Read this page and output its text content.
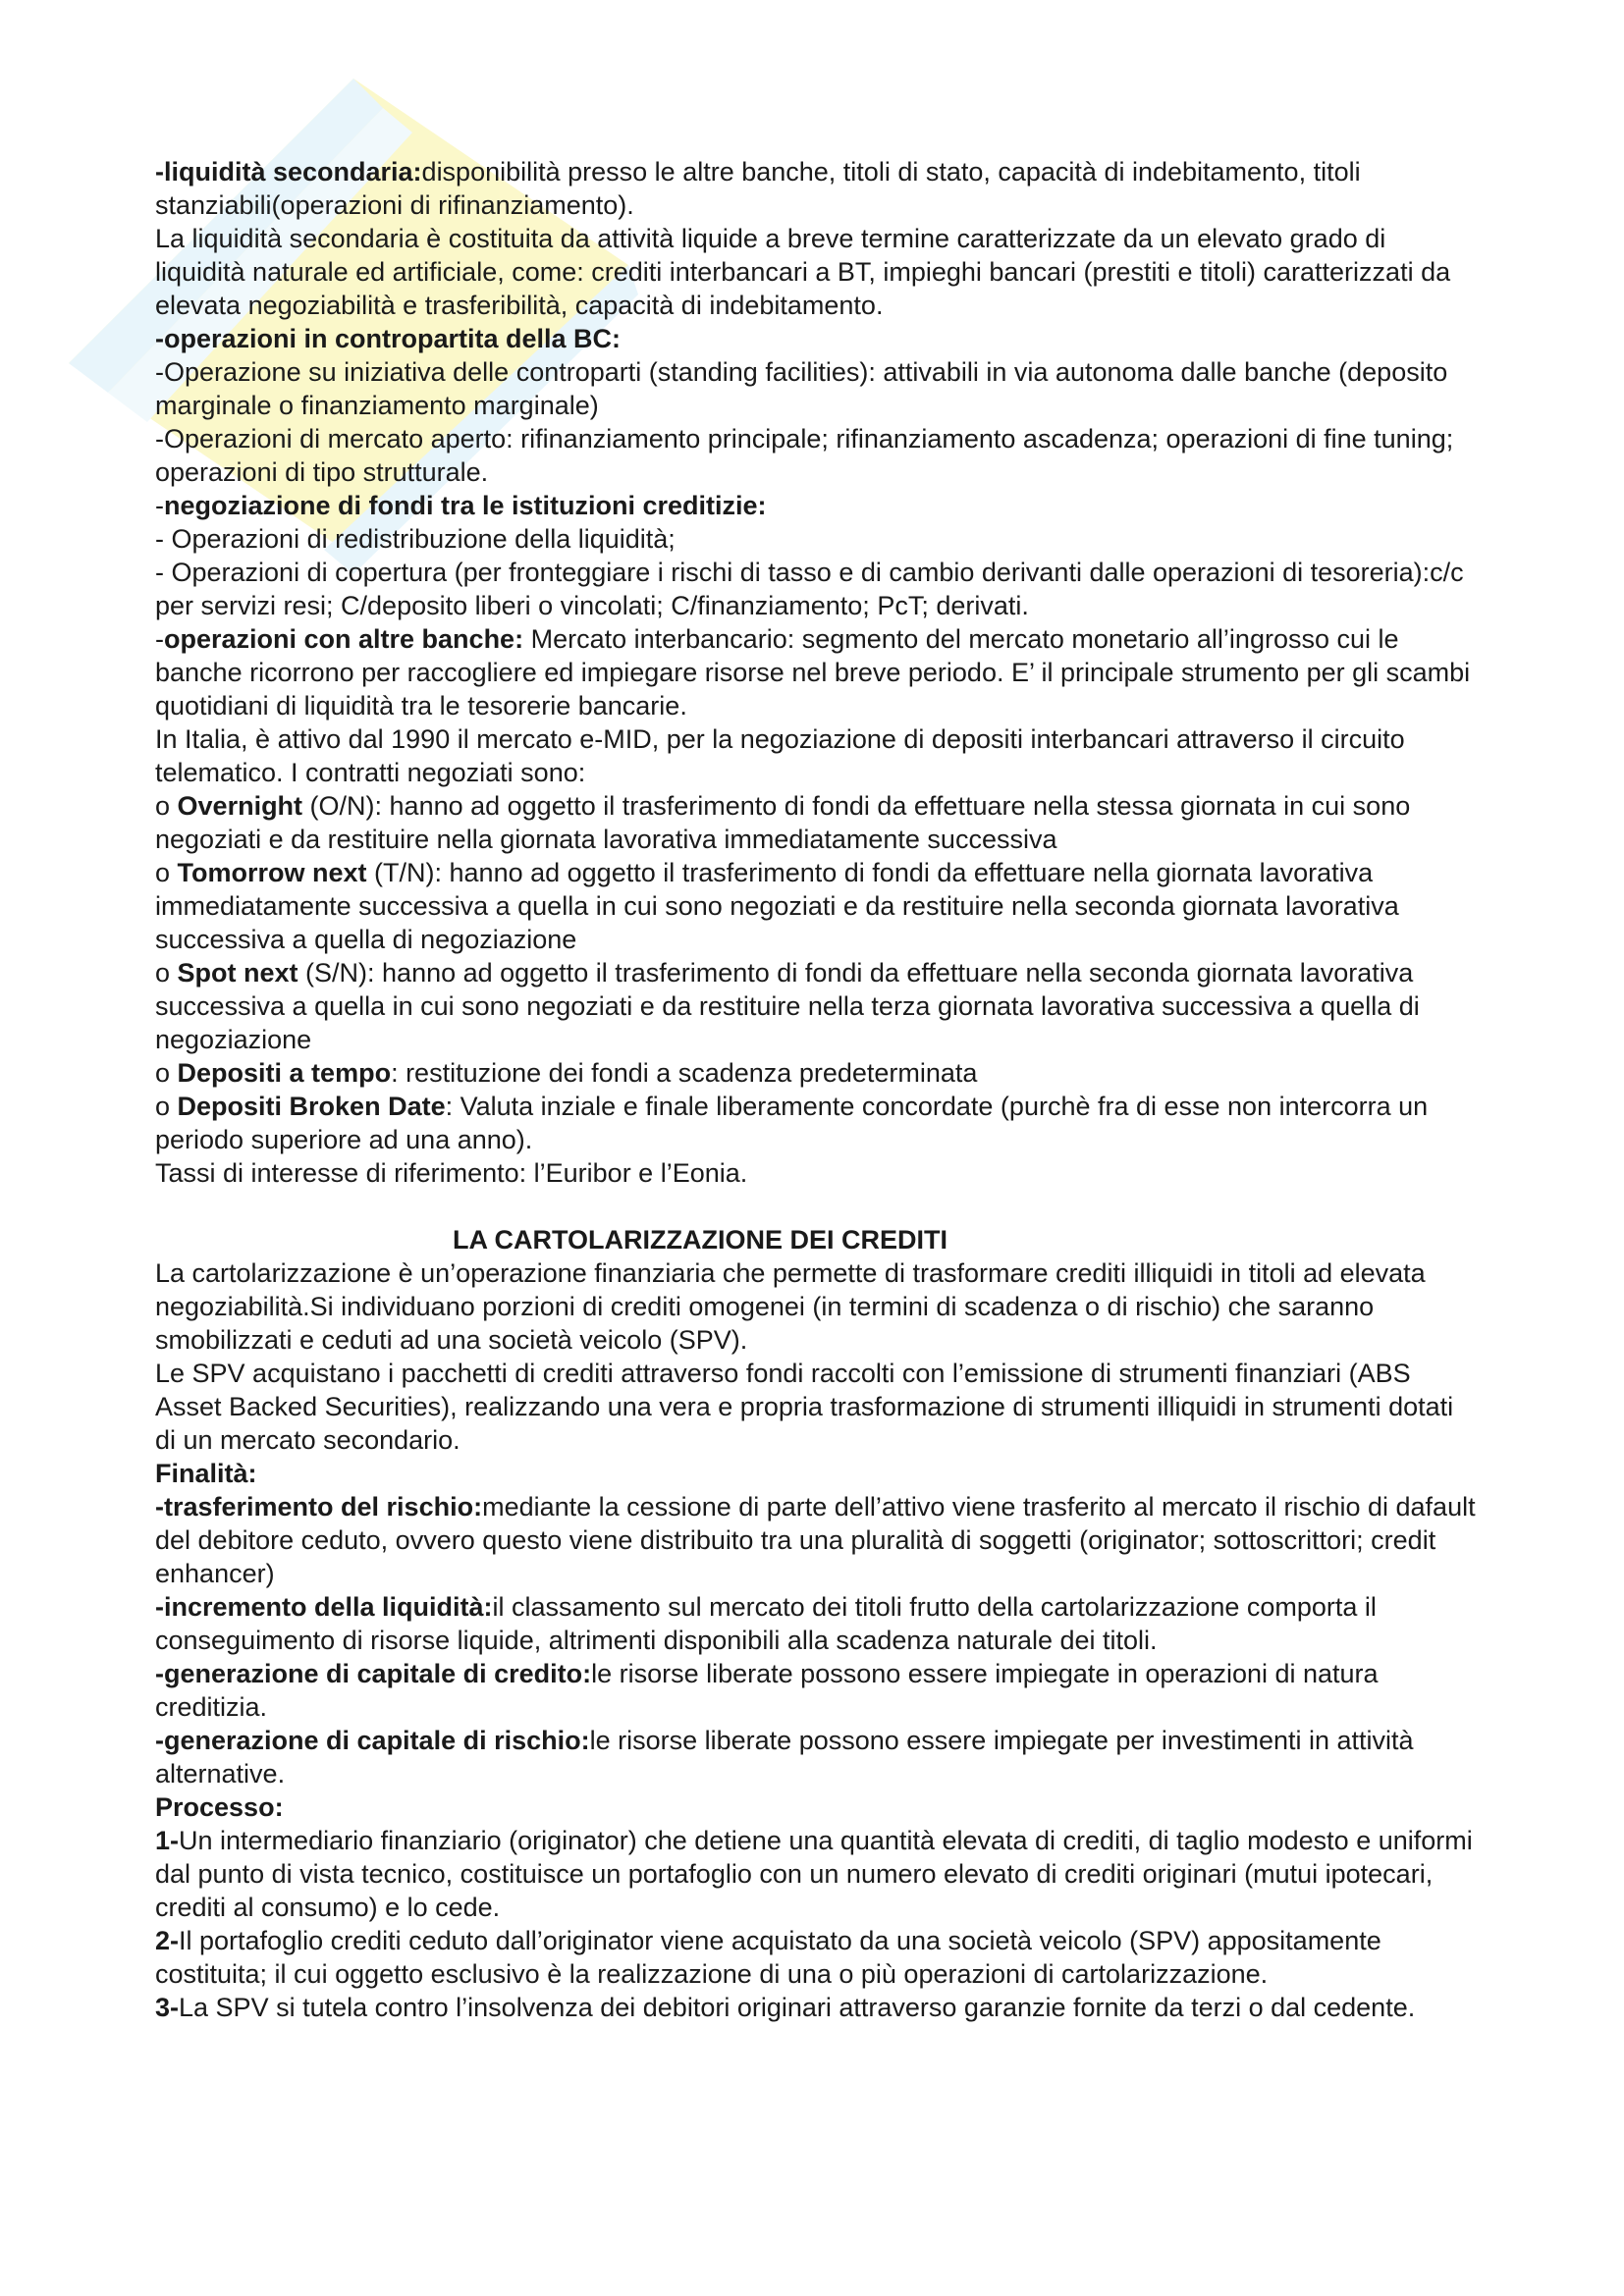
-liquidità secondaria:disponibilità presso le altre banche, titoli di stato, capacità di indebitamento, titoli stanziabili(operazioni di rifinanziamento).

La liquidità secondaria è costituita da attività liquide a breve termine caratterizzate da un elevato grado di liquidità naturale ed artificiale, come: crediti interbancari a BT, impieghi bancari (prestiti e titoli) caratterizzati da elevata negoziabilità e trasferibilità, capacità di indebitamento.

-operazioni in contropartita della BC:

-Operazione su iniziativa delle controparti (standing facilities): attivabili in via autonoma dalle banche (deposito marginale o finanziamento marginale)

-Operazioni di mercato aperto: rifinanziamento principale; rifinanziamento ascadenza; operazioni di fine tuning; operazioni di tipo strutturale.

-negoziazione di fondi tra le istituzioni creditizie:

- Operazioni di redistribuzione della liquidità;

- Operazioni di copertura (per fronteggiare i rischi di tasso e di cambio derivanti dalle operazioni di tesoreria):c/c per servizi resi; C/deposito liberi o vincolati; C/finanziamento; PcT; derivati.

-operazioni con altre banche: Mercato interbancario: segmento del mercato monetario all’ingrosso cui le banche ricorrono per raccogliere ed impiegare risorse nel breve periodo. E’ il principale strumento per gli scambi quotidiani di liquidità tra le tesorerie bancarie.

In Italia, è attivo dal 1990 il mercato e-MID, per la negoziazione di depositi interbancari attraverso il circuito telematico. I contratti negoziati sono:

o Overnight (O/N): hanno ad oggetto il trasferimento di fondi da effettuare nella stessa giornata in cui sono negoziati e da restituire nella giornata lavorativa immediatamente successiva

o Tomorrow next (T/N): hanno ad oggetto il trasferimento di fondi da effettuare nella giornata lavorativa immediatamente successiva a quella in cui sono negoziati e da restituire nella seconda giornata lavorativa successiva a quella di negoziazione

o Spot next (S/N): hanno ad oggetto il trasferimento di fondi da effettuare nella seconda giornata lavorativa successiva a quella in cui sono negoziati e da restituire nella terza giornata lavorativa successiva a quella di negoziazione

o Depositi a tempo: restituzione dei fondi a scadenza predeterminata

o Depositi Broken Date: Valuta inziale e finale liberamente concordate (purchè fra di esse non intercorra un periodo superiore ad una anno).

Tassi di interesse di riferimento: l’Euribor e l’Eonia.

LA CARTOLARIZZAZIONE DEI CREDITI

La cartolarizzazione è un’operazione finanziaria che permette di trasformare crediti illiquidi in titoli ad elevata negoziabilità.Si individuano porzioni di crediti omogenei (in termini di scadenza o di rischio) che saranno smobilizzati e ceduti ad una società veicolo (SPV).

Le SPV acquistano i pacchetti di crediti attraverso fondi raccolti con l’emissione di strumenti finanziari (ABS Asset Backed Securities), realizzando una vera e propria trasformazione di strumenti illiquidi in strumenti dotati di un mercato secondario.

Finalità:

-trasferimento del rischio:mediante la cessione di parte dell’attivo viene trasferito al mercato il rischio di dafault del debitore ceduto, ovvero questo viene distribuito tra una pluralità di soggetti (originator; sottoscrittori; credit enhancer)

-incremento della liquidità:il classamento sul mercato dei titoli frutto della cartolarizzazione comporta il conseguimento di risorse liquide, altrimenti disponibili alla scadenza naturale dei titoli.

-generazione di capitale di credito:le risorse liberate possono essere impiegate in operazioni di natura creditizia.

-generazione di capitale di rischio:le risorse liberate possono essere impiegate per investimenti in attività alternative.

Processo:

1-Un intermediario finanziario (originator) che detiene una quantità elevata di crediti, di taglio modesto e uniformi dal punto di vista tecnico, costituisce un portafoglio con un numero elevato di crediti originari (mutui ipotecari, crediti al consumo) e lo cede.

2-Il portafoglio crediti ceduto dall’originator viene acquistato da una società veicolo (SPV) appositamente costituita; il cui oggetto esclusivo è la realizzazione di una o più operazioni di cartolarizzazione.

3-La SPV si tutela contro l’insolvenza dei debitori originari attraverso garanzie fornite da terzi o dal cedente.
